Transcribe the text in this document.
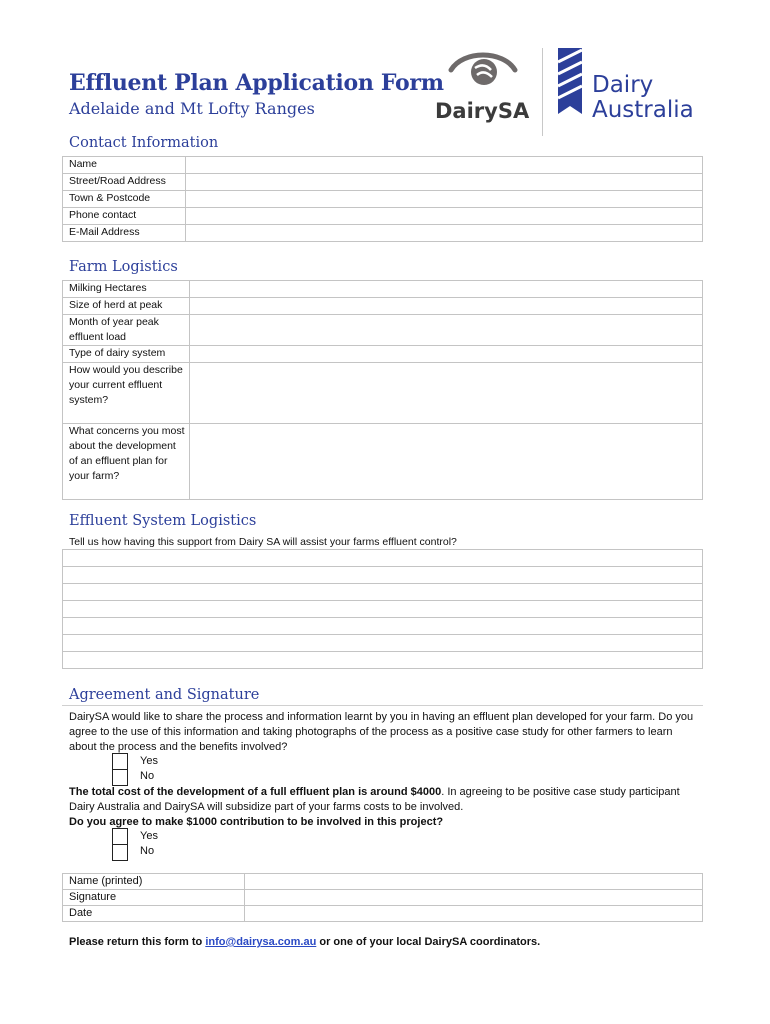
Effluent Plan Application Form
Adelaide and Mt Lofty Ranges	DairySA
Dairy
Australia
Contact Information
Name	
Street/Road Address	
Town & Postcode	
Phone contact	
E-Mail Address	
Farm Logistics
Milking Hectares	
Size of herd at peak	
Month of year peak effluent load	
Type of dairy system	
How would you describe your current effluent system?	
What concerns you most about the development of an effluent plan for your farm?	
Effluent System Logistics
Tell us how having this support from Dairy SA will assist your farms effluent control?

Agreement and Signature
DairySA would like to share the process and information learnt by you in having an effluent plan developed for your farm. Do you agree to the use of this information and taking photographs of the process as a positive case study for other farmers to learn about the process and the benefits involved?
Yes
No
The total cost of the development of a full effluent plan is around $4000. In agreeing to be positive case study participant Dairy Australia and DairySA will subsidize part of your farms costs to be involved.
Do you agree to make $1000 contribution to be involved in this project?
Yes
No
Name (printed)	
Signature	
Date	
Please return this form to info@dairysa.com.au or one of your local DairySA coordinators.
